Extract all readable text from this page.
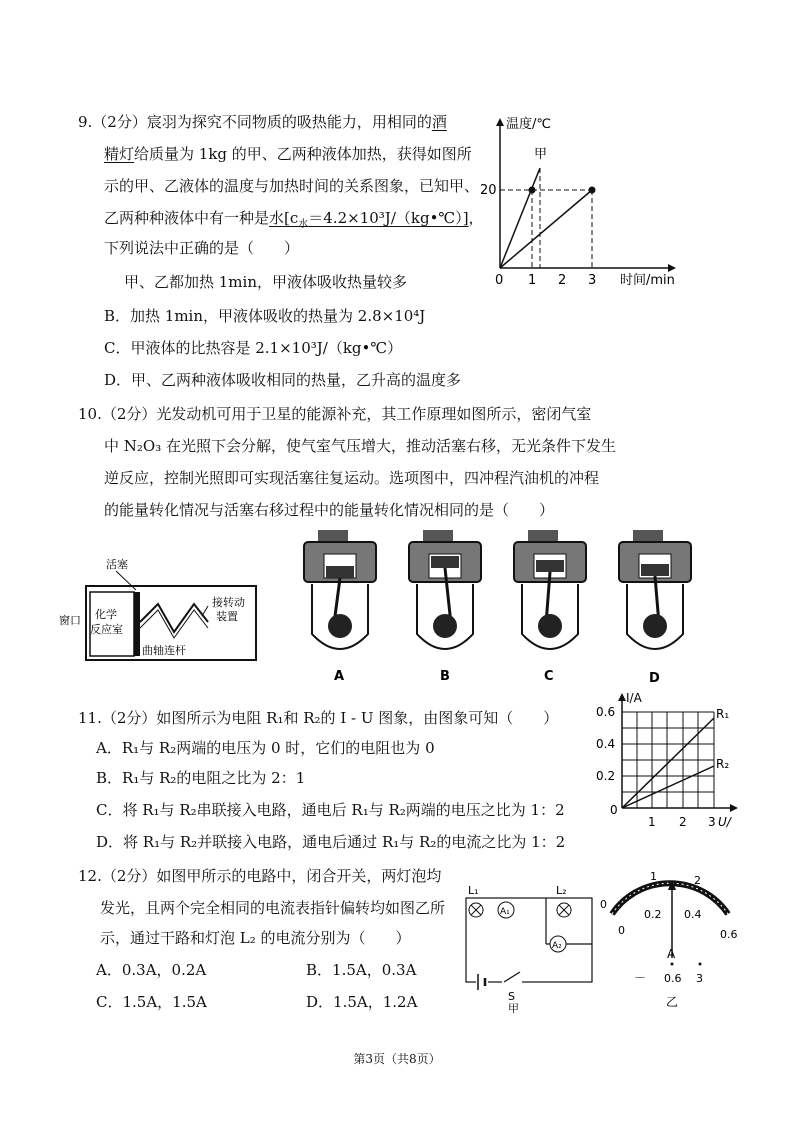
9.（2分）宸羽为探究不同物质的吸热能力，用相同的酒
精灯给质量为 1kg 的甲、乙两种液体加热，获得如图所
示的甲、乙液体的温度与加热时间的关系图象，已知甲、
乙两种种液体中有一种是水$[c_水=4.2\times 10^3J/(kg•℃)]$，
下列说法中正确的是（　　）
甲、乙都加热 1min，甲液体吸收热量较多
B．加热 1min，甲液体吸收的热量为 2.8×10⁴J
C．甲液体的比热容是 2.1×10³J/（kg•℃）
D．甲、乙两种液体吸收相同的热量，乙升高的温度多
温度/℃
甲
20
0 1 2 3 时间/min
10.（2分）光发动机可用于卫星的能源补充，其工作原理如图所示，密闭气室
中 N₂O₃ 在光照下会分解，使气室气压增大，推动活塞右移，无光条件下发生
逆反应，控制光照即可实现活塞往复运动。选项图中，四冲程汽油机的冲程
的能量转化情况与活塞右移过程中的能量转化情况相同的是（　　）
活塞
窗口 化学
反应室
曲轴连杆
接转动
装置
A	B	C	D
11.（2分）如图所示为电阻 R₁和 R₂的 I - U 图象，由图象可知（　　）
A．R₁与 R₂两端的电压为 0 时，它们的电阻也为 0
B．R₁与 R₂的电阻之比为 2：1
C．将 R₁与 R₂串联接入电路，通电后 R₁与 R₂两端的电压之比为 1：2
D．将 R₁与 R₂并联接入电路，通电后通过 R₁与 R₂的电流之比为 1：2
I/A
R₁
R₂
0.6
0.4
0.2
0
1 2 3 U/
12.（2分）如图甲所示的电路中，闭合开关，两灯泡均
发光，且两个完全相同的电流表指针偏转均如图乙所
示，通过干路和灯泡 L₂ 的电流分别为（　　）
A．0.3A，0.2A	B．1.5A，0.3A
C．1.5A，1.5A	D．1.5A，1.2A
L₁
A₁
L₂
A₂
S
甲
1	2
0
0
0.2 0.4
0.6
A
－ 0.6 3
乙
第3页（共8页）
